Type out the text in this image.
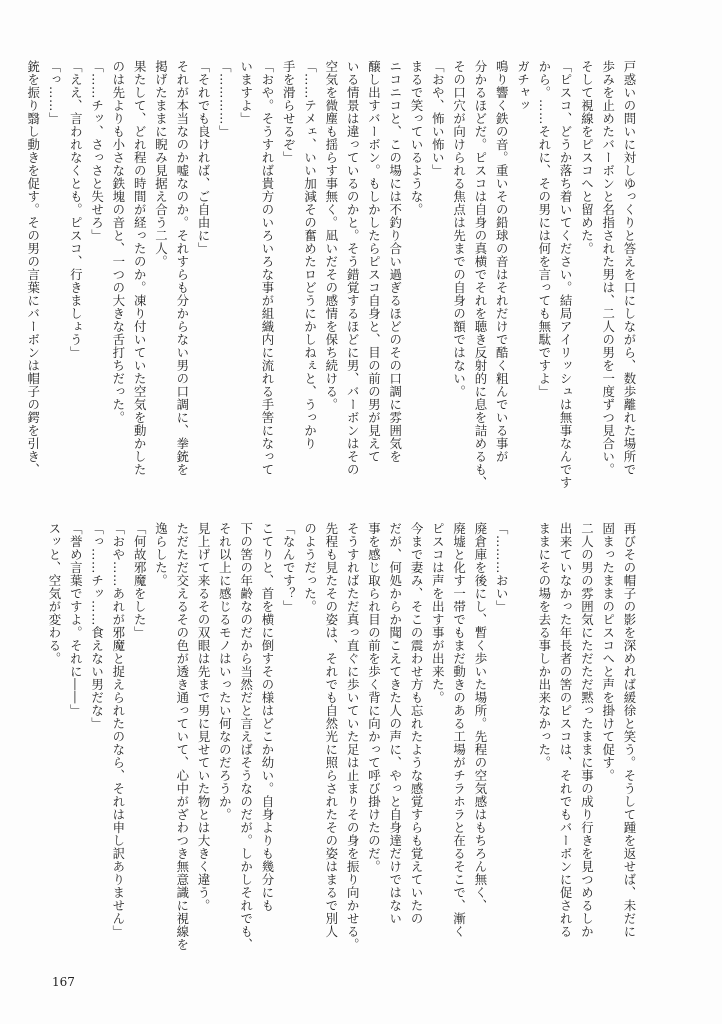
戸惑いの問いに対しゆっくりと答えを口にしながら、数歩離れた場所で

歩みを止めたバーボンと名指された男は、二人の男を一度ずつ見合い。

そして視線をピスコへと留めた。

「ピスコ、どうか落ち着いてください。結局アイリッシュは無事なんです

から。……それに、その男には何を言っても無駄ですよ」

ガチャッ

鳴り響く鉄の音。重いその鉛球の音はそれだけで酷く粗んでいる事が

分かるほどだ。ピスコは自身の真横でそれを聴き反射的に息を詰めるも、

その口穴が向けられる焦点は先までの自身の額ではない。

「おや、怖い怖い」

まるで笑っているような。

ニコニコと、この場には不釣り合い過ぎるほどのその口調に雰囲気を

醸し出すバーボン。もしかしたらピスコ自身と、目の前の男が見えて

いる情景は違っているのかと。そう錯覚するほどに男、バーボンはその

空気を微塵も揺らす事無く。凪いだその感情を保ち続ける。

「……テメェ、いい加減その奮めたロどうにかしねぇと、うっかり

手を滑らせるぞ」

「おや。そうすれば貴方のいろいろな事が組織内に流れる手筈になって

いますよ」

「…………」

「それでも良ければ、ご自由に」

それが本当なのか嘘なのか。それすらも分からない男の口調に、拳銃を

掲げたままに睨み見据え合う二人。

果たして、どれ程の時間が経ったのか。凍り付いていた空気を動かした

のは先よりも小さな鉄塊の音と、一つの大きな舌打ちだった。

「……チッ、さっさと失せろ」

「ええ、言われなくとも。ピスコ、行きましょう」

「っ……」

銃を振り翳し動きを促す。その男の言葉にバーボンは帽子の鍔を引き、

再びその帽子の影を深めれば緩徐と笑う。そうして踵を返せば、未だに

固まったままのピスコへと声を掛けて促す。

二人の男の雰囲気にただただ黙ったままに事の成り行きを見つめるしか

出来ていなかった年長者の筈のピスコは、それでもバーボンに促される

ままにその場を去る事しか出来なかった。

「………おい」

廃倉庫を後にし、暫く歩いた場所。先程の空気感はもちろん無く、

廃墟と化す一帯でもまだ動きのある工場がチラホラと在るそこで、漸く

ピスコは声を出す事が出来た。

今まで妻み、そこの震わせ方も忘れたような感覚すらも覚えていたの

だが、何処からか聞こえてきた人の声に、やっと自身達だけではない

事を感じ取られ目の前を歩く背に向かって呼び掛けたのだ。

そうすればただ真っ直ぐに歩いていた足は止まりその身を振り向かせる。

先程も見たその姿は、それでも自然光に照らされたその姿はまるで別人

のようだった。

「なんです？」

こてりと、首を横に倒すその様はどこか幼い。自身よりも幾分にも

下の筈の年齢なのだから当然だと言えばそうなのだが。しかしそれでも、

それ以上に感じるモノはいったい何なのだろうか。

見上げて来るその双眼は先まで男に見せていた物とは大きく違う。

ただただ交えるその色が透き通っていて、心中がざわつき無意識に視線を

逸らした。

「何故邪魔をした」

「おや……あれが邪魔と捉えられたのなら、それは申し訳ありません」

「っ……チッ……食えない男だな」

「誉め言葉ですよ。それに――」

スッと、空気が変わる。

167
